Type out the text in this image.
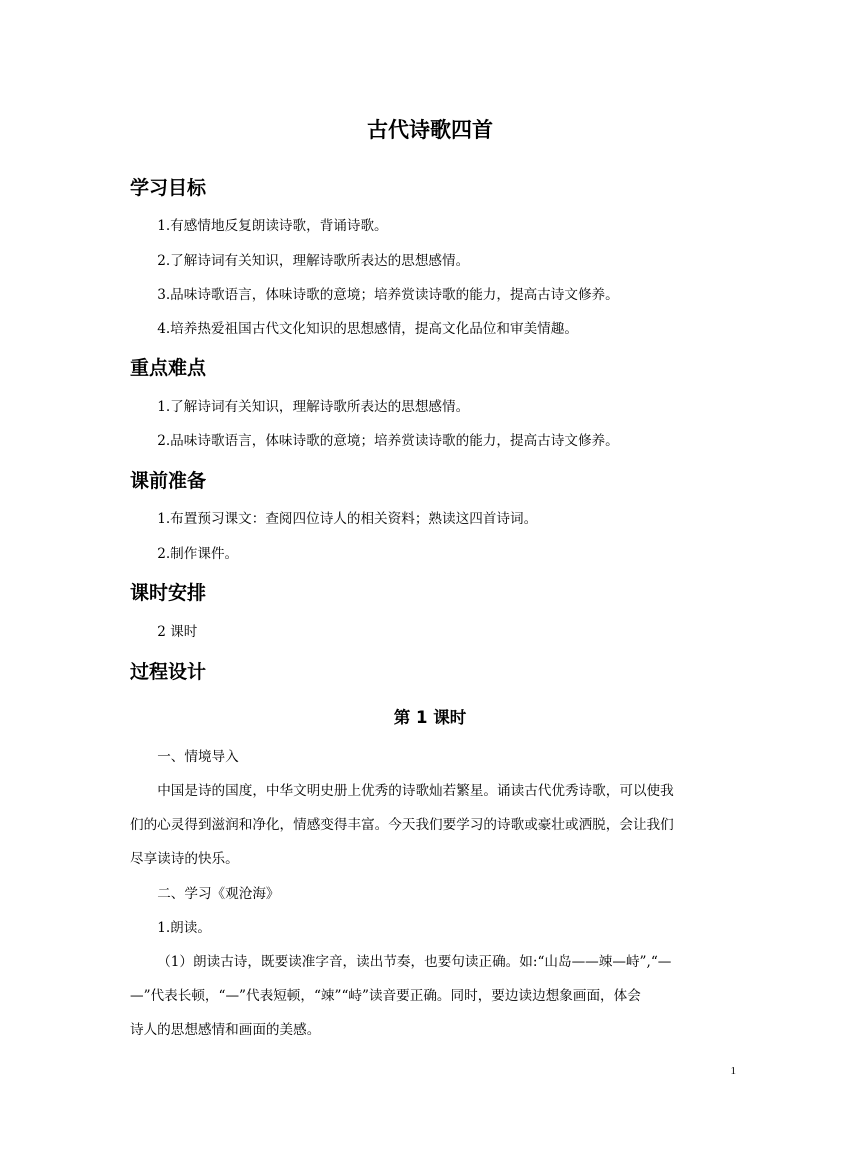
古代诗歌四首
学习目标
1.有感情地反复朗读诗歌，背诵诗歌。
2.了解诗词有关知识，理解诗歌所表达的思想感情。
3.品味诗歌语言，体味诗歌的意境；培养赏读诗歌的能力，提高古诗文修养。
4.培养热爱祖国古代文化知识的思想感情，提高文化品位和审美情趣。
重点难点
1.了解诗词有关知识，理解诗歌所表达的思想感情。
2.品味诗歌语言，体味诗歌的意境；培养赏读诗歌的能力，提高古诗文修养。
课前准备
1.布置预习课文：查阅四位诗人的相关资料；熟读这四首诗词。
2.制作课件。
课时安排
2 课时
过程设计
第 1 课时
一、情境导入
中国是诗的国度，中华文明史册上优秀的诗歌灿若繁星。诵读古代优秀诗歌，可以使我
们的心灵得到滋润和净化，情感变得丰富。今天我们要学习的诗歌或豪壮或洒脱，会让我们
尽享读诗的快乐。
二、学习《观沧海》
1.朗读。
（1）朗读古诗，既要读准字音，读出节奏，也要句读正确。如:“山岛——竦—峙”,“—
—”代表长顿，“—”代表短顿，“竦”“峙”读音要正确。同时，要边读边想象画面，体会
诗人的思想感情和画面的美感。
1
